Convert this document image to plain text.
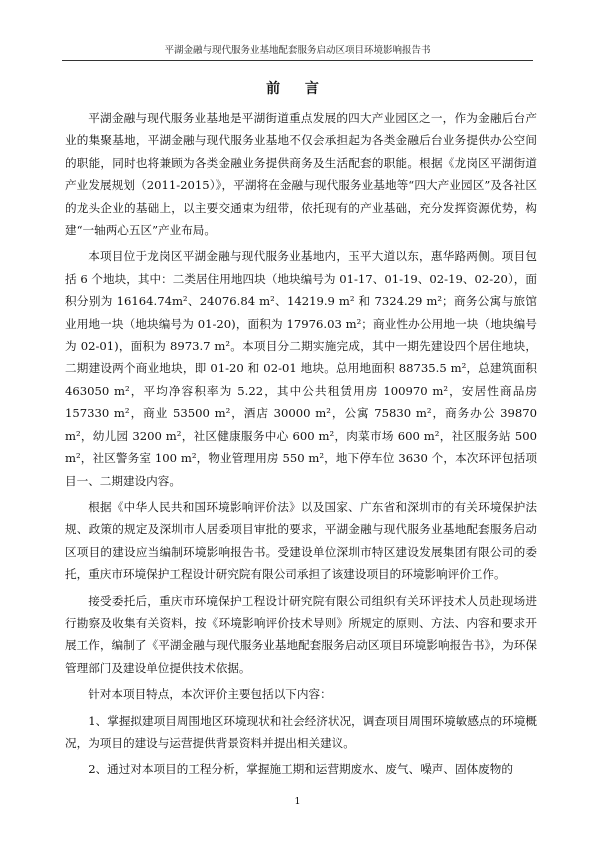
平湖金融与现代服务业基地配套服务启动区项目环境影响报告书
前 言

平湖金融与现代服务业基地是平湖街道重点发展的四大产业园区之一，作为金融后台产业的集聚基地，平湖金融与现代服务业基地不仅会承担起为各类金融后台业务提供办公空间的职能，同时也将兼顾为各类金融业务提供商务及生活配套的职能。根据《龙岗区平湖街道产业发展规划（2011-2015）》，平湖将在金融与现代服务业基地等“四大产业园区”及各社区的龙头企业的基础上，以主要交通束为纽带，依托现有的产业基础，充分发挥资源优势，构建“一轴两心五区”产业布局。

本项目位于龙岗区平湖金融与现代服务业基地内，玉平大道以东，惠华路两侧。项目包括 6 个地块，其中：二类居住用地四块（地块编号为 01-17、01-19、02-19、02-20），面积分别为 16164.74m²、24076.84 m²、14219.9 m² 和 7324.29 m²；商务公寓与旅馆业用地一块（地块编号为 01-20)，面积为 17976.03 m²；商业性办公用地一块（地块编号为 02-01)，面积为 8973.7 m²。本项目分二期实施完成，其中一期先建设四个居住地块，二期建设两个商业地块，即 01-20 和 02-01 地块。总用地面积 88735.5 m²，总建筑面积 463050 m²，平均净容积率为 5.22，其中公共租赁用房 100970 m²，安居性商品房 157330 m²，商业 53500 m²，酒店 30000 m²，公寓 75830 m²，商务办公 39870 m²，幼儿园 3200 m²，社区健康服务中心 600 m²，肉菜市场 600 m²，社区服务站 500 m²，社区警务室 100 m²，物业管理用房 550 m²，地下停车位 3630 个，本次环评包括项目一、二期建设内容。

根据《中华人民共和国环境影响评价法》以及国家、广东省和深圳市的有关环境保护法规、政策的规定及深圳市人居委项目审批的要求，平湖金融与现代服务业基地配套服务启动区项目的建设应当编制环境影响报告书。受建设单位深圳市特区建设发展集团有限公司的委托，重庆市环境保护工程设计研究院有限公司承担了该建设项目的环境影响评价工作。

接受委托后，重庆市环境保护工程设计研究院有限公司组织有关环评技术人员赴现场进行勘察及收集有关资料，按《环境影响评价技术导则》所规定的原则、方法、内容和要求开展工作，编制了《平湖金融与现代服务业基地配套服务启动区项目环境影响报告书》，为环保管理部门及建设单位提供技术依据。

针对本项目特点，本次评价主要包括以下内容：

1、掌握拟建项目周围地区环境现状和社会经济状况，调查项目周围环境敏感点的环境概况，为项目的建设与运营提供背景资料并提出相关建议。

2、通过对本项目的工程分析，掌握施工期和运营期废水、废气、噪声、固体废物的

1
